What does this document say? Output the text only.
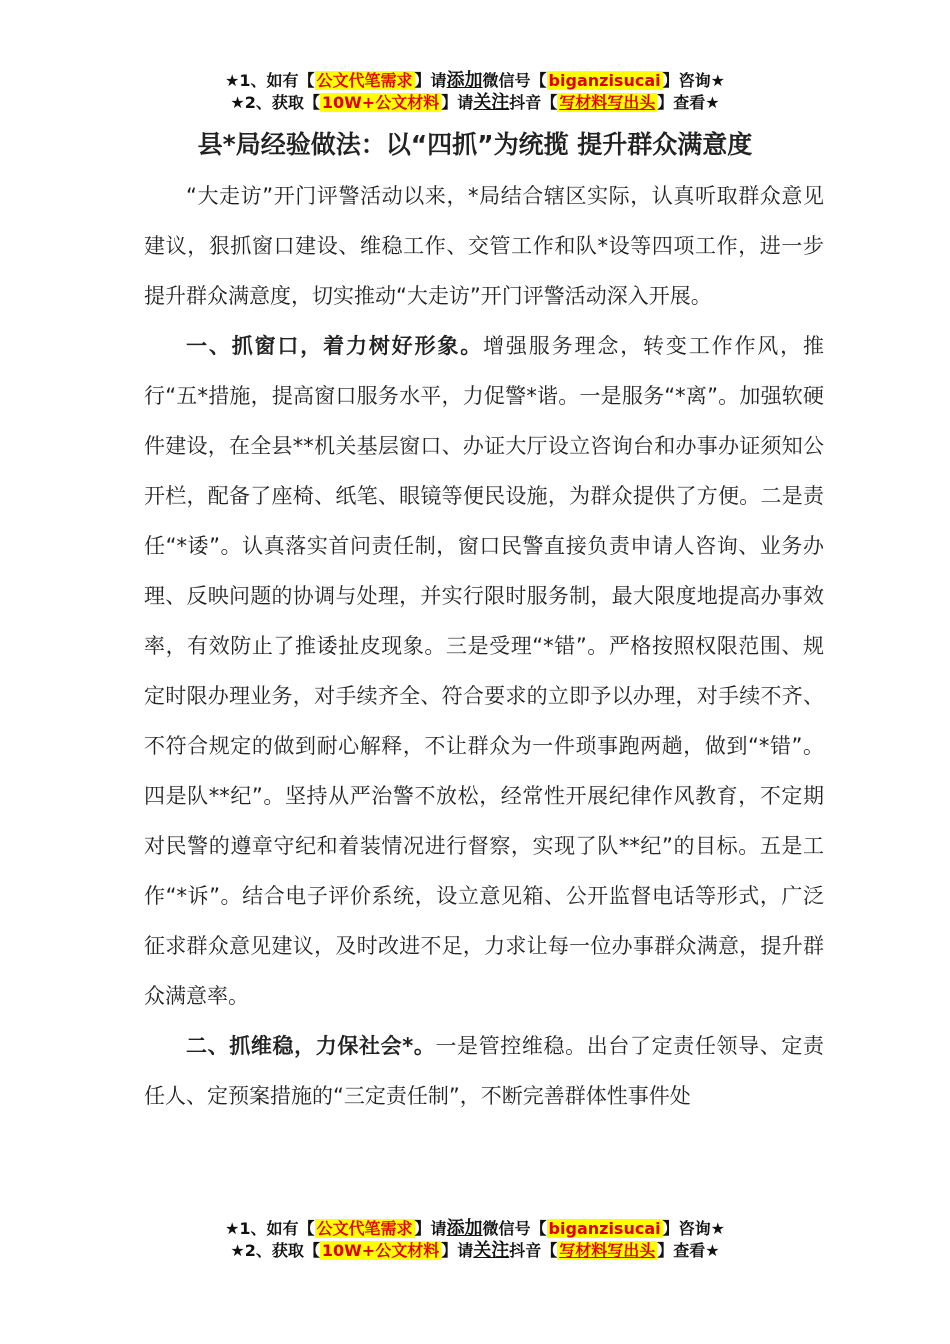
★1、如有【 公文代笔需求 】请添加微信号【 biganzisucai 】咨询★
★2、获取【 10W+公文材料 】请关注抖音【 写材料写出头 】查看★
县*局经验做法：以“四抓”为统揽 提升群众满意度

“大走访”开门评警活动以来，*局结合辖区实际，认真听取群众意见建议，狠抓窗口建设、维稳工作、交管工作和队*设等四项工作，进一步提升群众满意度，切实推动“大走访”开门评警活动深入开展。

一、抓窗口，着力树好形象。增强服务理念，转变工作作风，推行“五*措施，提高窗口服务水平，力促警*谐。一是服务“*离”。加强软硬件建设，在全县**机关基层窗口、办证大厅设立咨询台和办事办证须知公开栏，配备了座椅、纸笔、眼镜等便民设施，为群众提供了方便。二是责任“*诿”。认真落实首问责任制，窗口民警直接负责申请人咨询、业务办理、反映问题的协调与处理，并实行限时服务制，最大限度地提高办事效率，有效防止了推诿扯皮现象。三是受理“*错”。严格按照权限范围、规定时限办理业务，对手续齐全、符合要求的立即予以办理，对手续不齐、不符合规定的做到耐心解释，不让群众为一件琐事跑两趟，做到“*错”。四是队**纪”。坚持从严治警不放松，经常性开展纪律作风教育，不定期对民警的遵章守纪和着装情况进行督察，实现了队**纪”的目标。五是工作“*诉”。结合电子评价系统，设立意见箱、公开监督电话等形式，广泛征求群众意见建议，及时改进不足，力求让每一位办事群众满意，提升群众满意率。

二、抓维稳，力保社会*。一是管控维稳。出台了定责任领导、定责任人、定预案措施的“三定责任制”，不断完善群体性事件处

★1、如有【 公文代笔需求 】请添加微信号【 biganzisucai 】咨询★
★2、获取【 10W+公文材料 】请关注抖音【 写材料写出头 】查看★
